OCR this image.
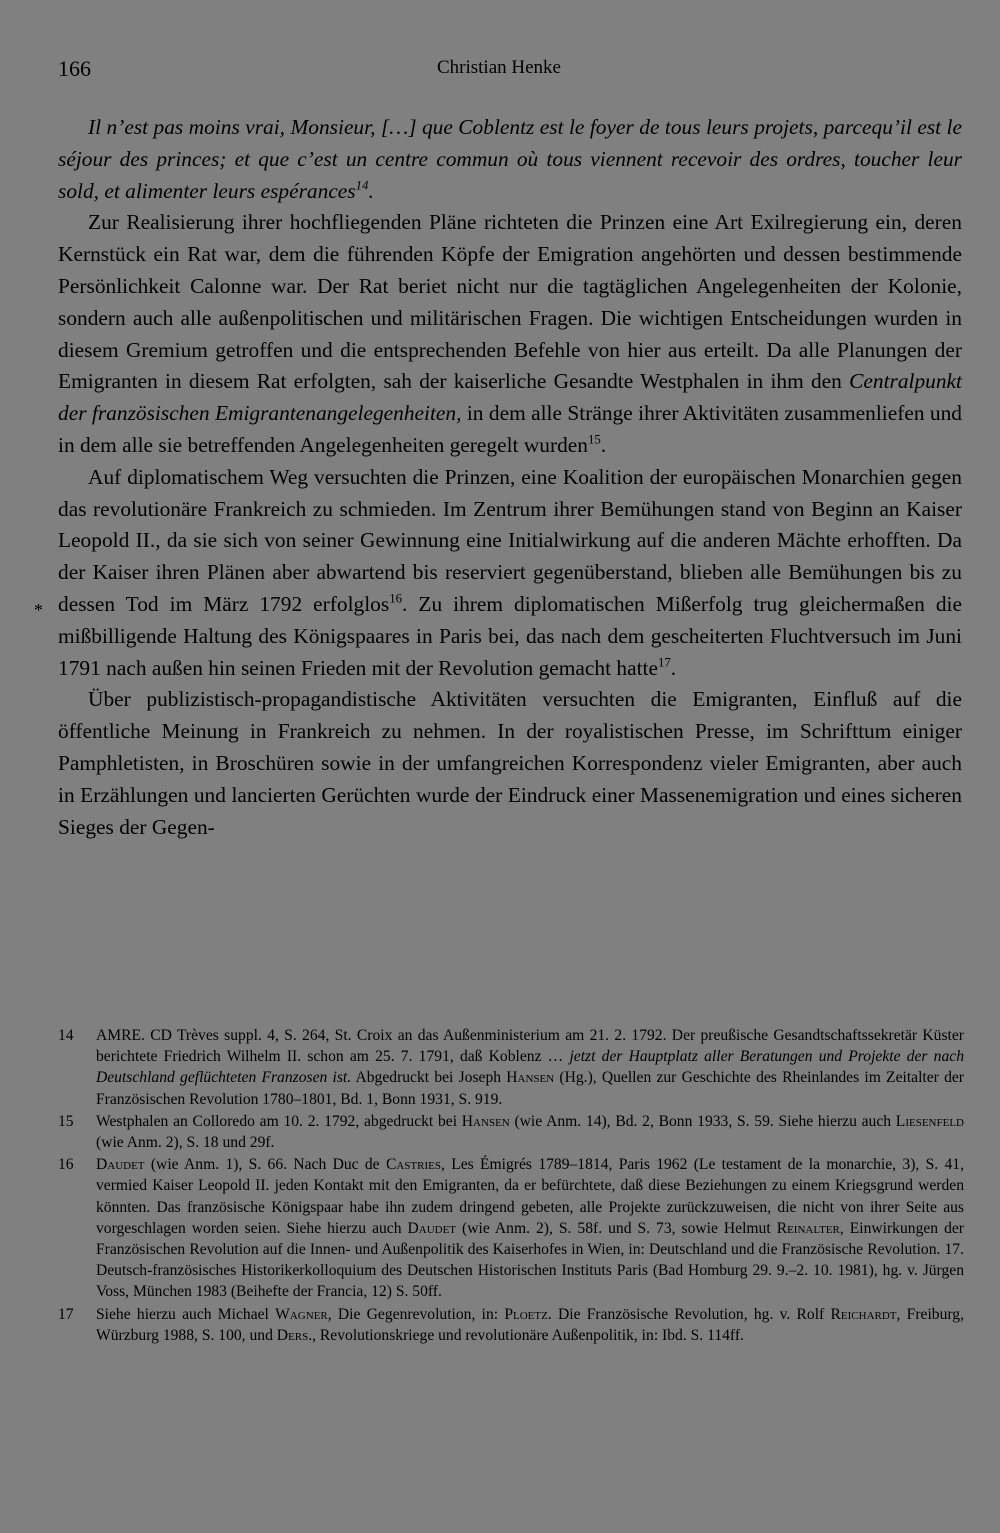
166	Christian Henke
*

Il n’est pas moins vrai, Monsieur, […] que Coblentz est le foyer de tous leurs projets, parcequ’il est le séjour des princes; et que c’est un centre commun où tous viennent recevoir des ordres, toucher leur sold, et alimenter leurs espérances$^{14}$.

Zur Realisierung ihrer hochfliegenden Pläne richteten die Prinzen eine Art Exilregierung ein, deren Kernstück ein Rat war, dem die führenden Köpfe der Emigration angehörten und dessen bestimmende Persönlichkeit Calonne war. Der Rat beriet nicht nur die tagtäglichen Angelegenheiten der Kolonie, sondern auch alle außenpolitischen und militärischen Fragen. Die wichtigen Entscheidungen wurden in diesem Gremium getroffen und die entsprechenden Befehle von hier aus erteilt. Da alle Planungen der Emigranten in diesem Rat erfolgten, sah der kaiserliche Gesandte Westphalen in ihm den Centralpunkt der französischen Emigrantenangelegenheiten, in dem alle Stränge ihrer Aktivitäten zusammenliefen und in dem alle sie betreffenden Angelegenheiten geregelt wurden$^{15}$.

Auf diplomatischem Weg versuchten die Prinzen, eine Koalition der europäischen Monarchien gegen das revolutionäre Frankreich zu schmieden. Im Zentrum ihrer Bemühungen stand von Beginn an Kaiser Leopold II., da sie sich von seiner Gewinnung eine Initialwirkung auf die anderen Mächte erhofften. Da der Kaiser ihren Plänen aber abwartend bis reserviert gegenüberstand, blieben alle Bemühungen bis zu dessen Tod im März 1792 erfolglos$^{16}$. Zu ihrem diplomatischen Mißerfolg trug gleichermaßen die mißbilligende Haltung des Königspaares in Paris bei, das nach dem gescheiterten Fluchtversuch im Juni 1791 nach außen hin seinen Frieden mit der Revolution gemacht hatte$^{17}$.

Über publizistisch-propagandistische Aktivitäten versuchten die Emigranten, Einfluß auf die öffentliche Meinung in Frankreich zu nehmen. In der royalistischen Presse, im Schrifttum einiger Pamphletisten, in Broschüren sowie in der umfangreichen Korrespondenz vieler Emigranten, aber auch in Erzählungen und lancierten Gerüchten wurde der Eindruck einer Massenemigration und eines sicheren Sieges der Gegen-

14	AMRE. CD Trèves suppl. 4, S. 264, St. Croix an das Außenministerium am 21. 2. 1792. Der preußische Gesandtschaftssekretär Küster berichtete Friedrich Wilhelm II. schon am 25. 7. 1791, daß Koblenz … jetzt der Hauptplatz aller Beratungen und Projekte der nach Deutschland geflüchteten Franzosen ist. Abgedruckt bei Joseph Hansen (Hg.), Quellen zur Geschichte des Rheinlandes im Zeitalter der Französischen Revolution 1780–1801, Bd. 1, Bonn 1931, S. 919.
15	Westphalen an Colloredo am 10. 2. 1792, abgedruckt bei Hansen (wie Anm. 14), Bd. 2, Bonn 1933, S. 59. Siehe hierzu auch Liesenfeld (wie Anm. 2), S. 18 und 29f.
16	Daudet (wie Anm. 1), S. 66. Nach Duc de Castries, Les Émigrés 1789–1814, Paris 1962 (Le testament de la monarchie, 3), S. 41, vermied Kaiser Leopold II. jeden Kontakt mit den Emigranten, da er befürchtete, daß diese Beziehungen zu einem Kriegsgrund werden könnten. Das französische Königspaar habe ihn zudem dringend gebeten, alle Projekte zurückzuweisen, die nicht von ihrer Seite aus vorgeschlagen worden seien. Siehe hierzu auch Daudet (wie Anm. 2), S. 58f. und S. 73, sowie Helmut Reinalter, Einwirkungen der Französischen Revolution auf die Innen- und Außenpolitik des Kaiserhofes in Wien, in: Deutschland und die Französische Revolution. 17. Deutsch-französisches Historikerkolloquium des Deutschen Historischen Instituts Paris (Bad Homburg 29. 9.–2. 10. 1981), hg. v. Jürgen Voss, München 1983 (Beihefte der Francia, 12) S. 50ff.
17	Siehe hierzu auch Michael Wagner, Die Gegenrevolution, in: Ploetz. Die Französische Revolution, hg. v. Rolf Reichardt, Freiburg, Würzburg 1988, S. 100, und Ders., Revolutionskriege und revolutionäre Außenpolitik, in: Ibd. S. 114ff.
